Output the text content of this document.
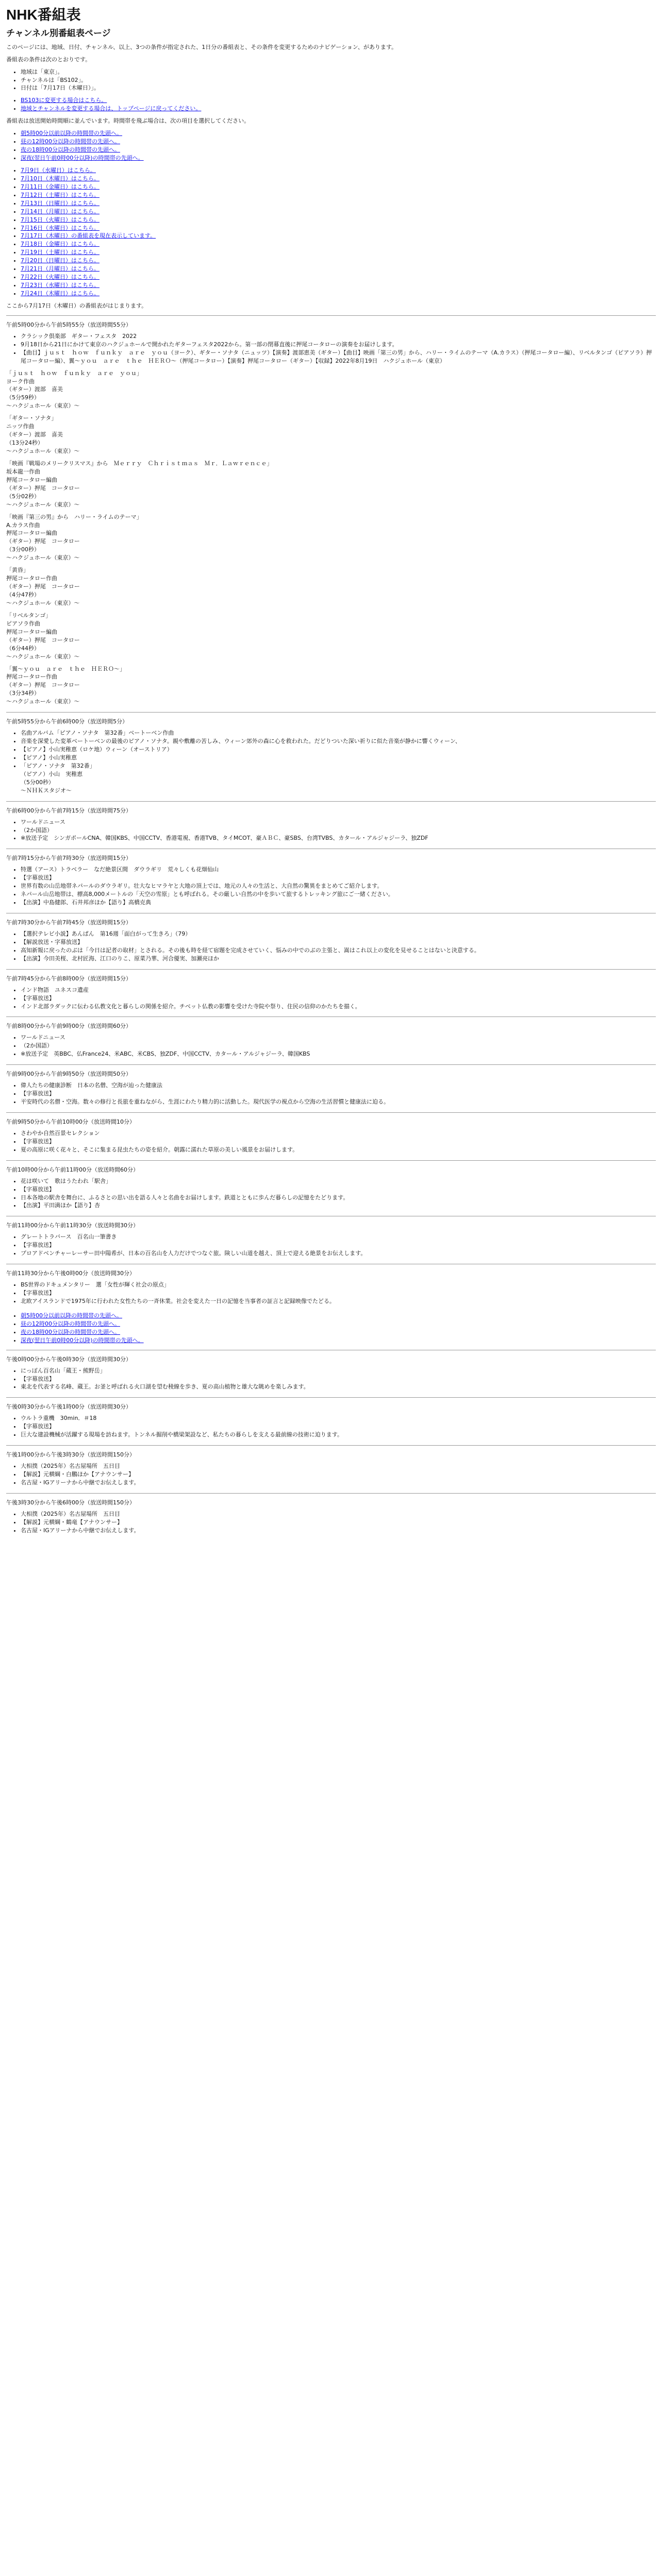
NHK番組表
チャンネル別番組表ページ

このページには、地域、日付、チャンネル、以上、3つの条件が指定された、1日分の番組表と、その条件を変更するためのナビゲーション、があります。

番組表の条件は次のとおりです。

• 地域は「東京」。
• チャンネルは「BS102」。
• 日付は「7月17日（木曜日）」。
• BS103に変更する場合はこちら。
• 地域とチャンネルを変更する場合は、トップページに戻ってください。

番組表は放送開始時間順に並んでいます。時間帯を飛ぶ場合は、次の項目を選択してください。

• 朝5時00分以前以降の時間帯の先頭へ。
• 昼の12時00分以降の時間帯の先頭へ。
• 夜の18時00分以降の時間帯の先頭へ。
• 深夜(翌日午前0時00分以降)の時間帯の先頭へ。
• 7月9日（水曜日）はこちら。
• 7月10日（木曜日）はこちら。
• 7月11日（金曜日）はこちら。
• 7月12日（土曜日）はこちら。
• 7月13日（日曜日）はこちら。
• 7月14日（月曜日）はこちら。
• 7月15日（火曜日）はこちら。
• 7月16日（水曜日）はこちら。
• 7月17日（木曜日）の番組表を現在表示しています。
• 7月18日（金曜日）はこちら。
• 7月19日（土曜日）はこちら。
• 7月20日（日曜日）はこちら。
• 7月21日（月曜日）はこちら。
• 7月22日（火曜日）はこちら。
• 7月23日（水曜日）はこちら。
• 7月24日（木曜日）はこちら。

ここから7月17日（木曜日）の番組表がはじまります。

午前5時00分から午前5時55分（放送時間55分）

• クラシック倶楽部　ギター・フェスタ　2022
• 9月18日から21日にかけて東京のハクジュホールで開かれたギターフェスタ2022から。第一部の閉幕直後に押尾コータローの演奏をお届けします。
• 【曲目】ｊｕｓｔ　ｈｏｗ　ｆｕｎｋｙ　ａｒｅ　ｙｏｕ（ヨーク）、ギター・ソナタ（ニュッツ）【演奏】渡部恵美（ギター）【曲目】映画「第三の男」から、ハリー・ライムのテーマ（A.カラス）（押尾コータロー編）、リベルタンゴ（ピアソラ）押尾コータロー編）、翼〜ｙｏｕ　ａｒｅ　ｔｈｅ　ＨＥＲＯ〜（押尾コータロー）【演奏】押尾コータロー（ギター）【収録】2022年8月19日　ハクジュホール（東京）

「ｊｕｓｔ　ｈｏｗ　ｆｕｎｋｙ　ａｒｅ　ｙｏｕ」
ヨーク作曲
（ギター）渡部　喜美
（5分59秒）
〜ハクジュホール（東京）〜

「ギター・ソナタ」
ニッツ作曲
（ギター）渡部　喜美
（13分24秒）
〜ハクジュホール（東京）〜

「映画『戦場のメリークリスマス』から　Ｍｅｒｒｙ　Ｃｈｒｉｓｔｍａｓ　Ｍｒ．Ｌａｗｒｅｎｃｅ」
坂本龍一作曲
押尾コータロー編曲
（ギター）押尾　コータロー
（5分02秒）
〜ハクジュホール（東京）〜

「映画『第三の男』から　ハリー・ライムのテーマ」
A.カラス作曲
押尾コータロー編曲
（ギター）押尾　コータロー
（3分00秒）
〜ハクジュホール（東京）〜

「黄昏」
押尾コータロー作曲
（ギター）押尾　コータロー
（4分47秒）
〜ハクジュホール（東京）〜

「リベルタンゴ」
ピアソラ作曲
押尾コータロー編曲
（ギター）押尾　コータロー
（6分44秒）
〜ハクジュホール（東京）〜

「翼〜ｙｏｕ　ａｒｅ　ｔｈｅ　ＨＥＲＯ〜」
押尾コータロー作曲
（ギター）押尾　コータロー
（3分34秒）
〜ハクジュホール（東京）〜

午前5時55分から午前6時00分（放送時間5分）

• 名曲アルバム「ピアノ・ソナタ　第32番」ベートーベン作曲
• 音楽を深愛した変革ベートーベンの最後のピアノ・ソナタ。親や敷離の苦しみ、ウィーン郊外の森に心を救われた。だどりついた深い祈りに似た音楽が静かに響くウィーン、
• 【ピアノ】小山実稚恵（ロケ地）ウィーン（オーストリア）
• 【ピアノ】小山実稚恵
• 「ピアノ・ソナタ　第32番」
（ピアノ）小山　実稚恵
（5分00秒）
〜ＮＨＫスタジオ〜

午前6時00分から午前7時15分（放送時間75分）

• ワールドニュース
• （2か国語）
• ※放送予定　シンガポールCNA、韓国KBS、中国CCTV、香港電視、香港TVB、タイMCOT、豪ＡＢＣ、豪SBS、台湾TVBS、カタール・アルジャジーラ、独ZDF

午前7時15分から午前7時30分（放送時間15分）

• 特選（アース）トラベラー　なだ絶景区間　ダウラギリ　荒々しくも花畑仙山
• 【字幕放送】
• 世界有数の山岳地帯ネパールのダウラギリ。壮大なヒマラヤと大地の頂上では、地元の人々の生活と、大自然の驚異をまとめてご紹介します。
• ネパール山岳地帯は、標高8,000メートルの「天空の雪原」とも呼ばれる。その厳しい自然の中を歩いて旅するトレッキング旅にご一緒ください。
• 【出演】中島健郎、石井邦彦ほか【語り】高橋克典

午前7時30分から午前7時45分（放送時間15分）

• 【選択テレビ小説】あんぱん　第16週「面白がって生きろ」（79）
• 【解説放送・字幕放送】
• 高知新報に戻ったのぶは「今日は記者の取材」とされる。その後も時を経て宿題を完成させていく、悩みの中でのぶの主張と、嵩はこれ以上の変化を見せることはないと決意する。
• 【出演】今田美桜、北村匠海、江口のりこ、原菜乃華、河合優実、加瀬亮ほか

午前7時45分から午前8時00分（放送時間15分）

• インド物語　ユネスコ遺産
• 【字幕放送】
• インド北部ラダックに伝わる仏教文化と暮らしの関係を紹介。チベット仏教の影響を受けた寺院や祭り、住民の信仰のかたちを描く。

午前8時00分から午前9時00分（放送時間60分）

• ワールドニュース
• （2か国語）
• ※放送予定　英BBC、仏France24、米ABC、米CBS、独ZDF、中国CCTV、カタール・アルジャジーラ、韓国KBS

午前9時00分から午前9時50分（放送時間50分）

• 偉人たちの健康診断　日本の名僧、空海が辿った健康法
• 【字幕放送】
• 平安時代の名僧・空海。数々の修行と長旅を重ねながら、生涯にわたり精力的に活動した。現代医学の視点から空海の生活習慣と健康法に迫る。

午前9時50分から午前10時00分（放送時間10分）

• さわやか自然百景セレクション
• 【字幕放送】
• 夏の高原に咲く花々と、そこに集まる昆虫たちの姿を紹介。朝露に濡れた草原の美しい風景をお届けします。

午前10時00分から午前11時00分（放送時間60分）

• 花は咲いて　歌はうたわれ「駅舎」
• 【字幕放送】
• 日本各地の駅舎を舞台に、ふるさとの思い出を語る人々と名曲をお届けします。鉄道とともに歩んだ暮らしの記憶をたどります。
• 【出演】平田満ほか【語り】杏

午前11時00分から午前11時30分（放送時間30分）

• グレートトラバース　百名山一筆書き
• 【字幕放送】
• プロアドベンチャーレーサー田中陽希が、日本の百名山を人力だけでつなぐ旅。険しい山道を越え、頂上で迎える絶景をお伝えします。

午前11時30分から午後0時00分（放送時間30分）

• BS世界のドキュメンタリー　選「女性が輝く社会の原点」
• 【字幕放送】
• 北欧アイスランドで1975年に行われた女性たちの一斉休業。社会を変えた一日の記憶を当事者の証言と記録映像でたどる。
• 朝5時00分以前以降の時間帯の先頭へ。
• 昼の12時00分以降の時間帯の先頭へ。
• 夜の18時00分以降の時間帯の先頭へ。
• 深夜(翌日午前0時00分以降)の時間帯の先頭へ。

午後0時00分から午後0時30分（放送時間30分）

• にっぽん百名山「蔵王・熊野岳」
• 【字幕放送】
• 東北を代表する名峰、蔵王。お釜と呼ばれる火口湖を望む稜線を歩き、夏の高山植物と雄大な眺めを楽しみます。

午後0時30分から午後1時00分（放送時間30分）

• ウルトラ重機　30min．＃18
• 【字幕放送】
• 巨大な建設機械が活躍する現場を訪ねます。トンネル掘削や橋梁架設など、私たちの暮らしを支える最前線の技術に迫ります。

午後1時00分から午後3時30分（放送時間150分）

• 大相撲（2025年）名古屋場所　五日目
• 【解説】元横綱・白鵬ほか【アナウンサー】
• 名古屋・IGアリーナから中継でお伝えします。

午後3時30分から午後6時00分（放送時間150分）

• 大相撲（2025年）名古屋場所　五日目
• 【解説】元横綱・鶴竜【アナウンサー】
• 名古屋・IGアリーナから中継でお伝えします。
